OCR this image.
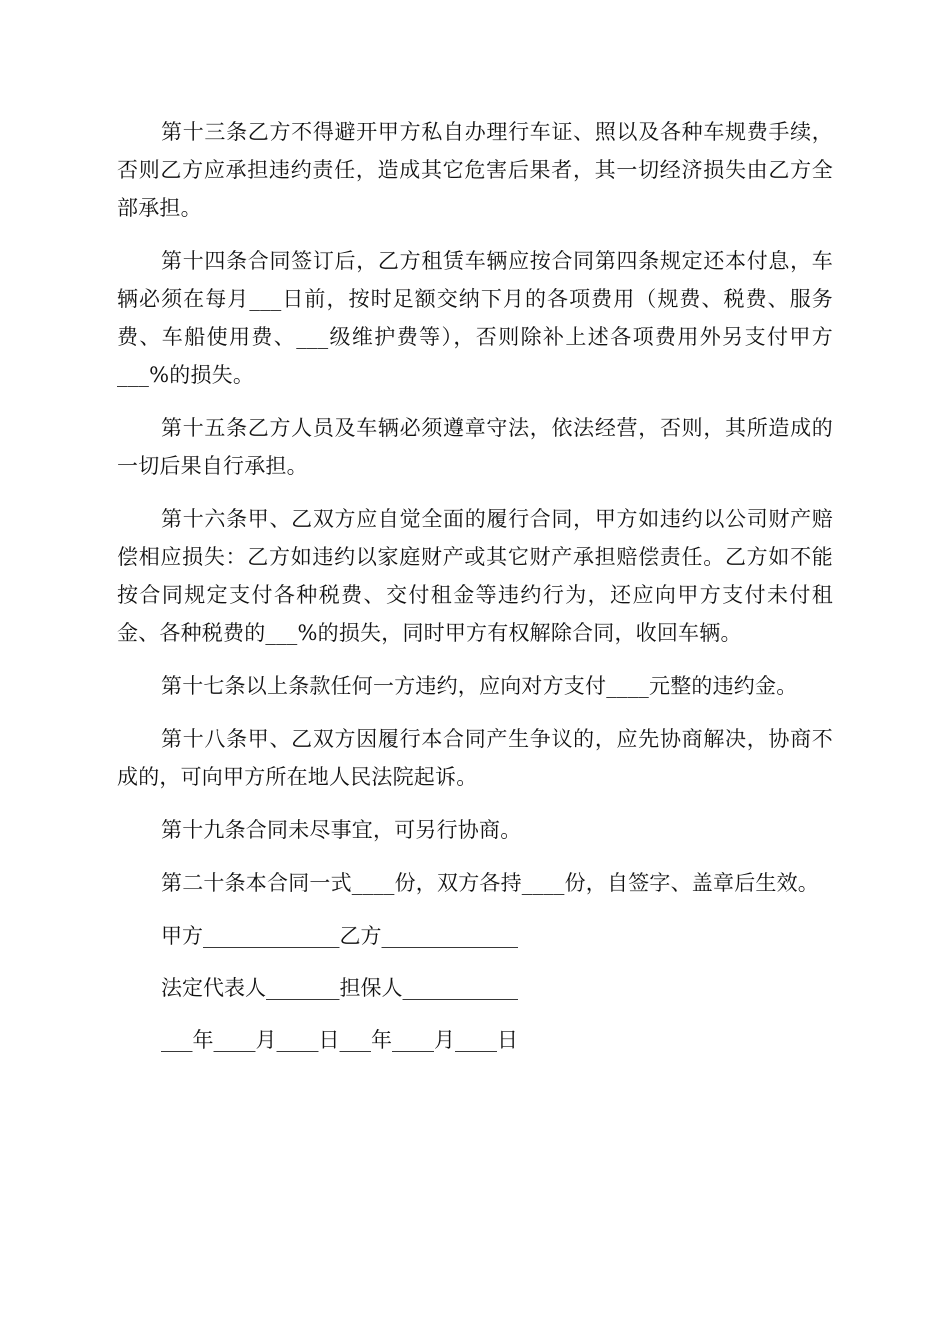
第十三条乙方不得避开甲方私自办理行车证、照以及各种车规费手续，否则乙方应承担违约责任，造成其它危害后果者，其一切经济损失由乙方全部承担。

第十四条合同签订后，乙方租赁车辆应按合同第四条规定还本付息，车辆必须在每月___日前，按时足额交纳下月的各项费用（规费、税费、服务费、车船使用费、___级维护费等），否则除补上述各项费用外另支付甲方___%的损失。

第十五条乙方人员及车辆必须遵章守法，依法经营，否则，其所造成的一切后果自行承担。

第十六条甲、乙双方应自觉全面的履行合同，甲方如违约以公司财产赔偿相应损失：乙方如违约以家庭财产或其它财产承担赔偿责任。乙方如不能按合同规定支付各种税费、交付租金等违约行为，还应向甲方支付未付租金、各种税费的___%的损失，同时甲方有权解除合同，收回车辆。

第十七条以上条款任何一方违约，应向对方支付____元整的违约金。

第十八条甲、乙双方因履行本合同产生争议的，应先协商解决，协商不成的，可向甲方所在地人民法院起诉。

第十九条合同未尽事宜，可另行协商。

第二十条本合同一式____份，双方各持____份，自签字、盖章后生效。

甲方_____________乙方_____________

法定代表人_______担保人___________

___年____月____日___年____月____日
